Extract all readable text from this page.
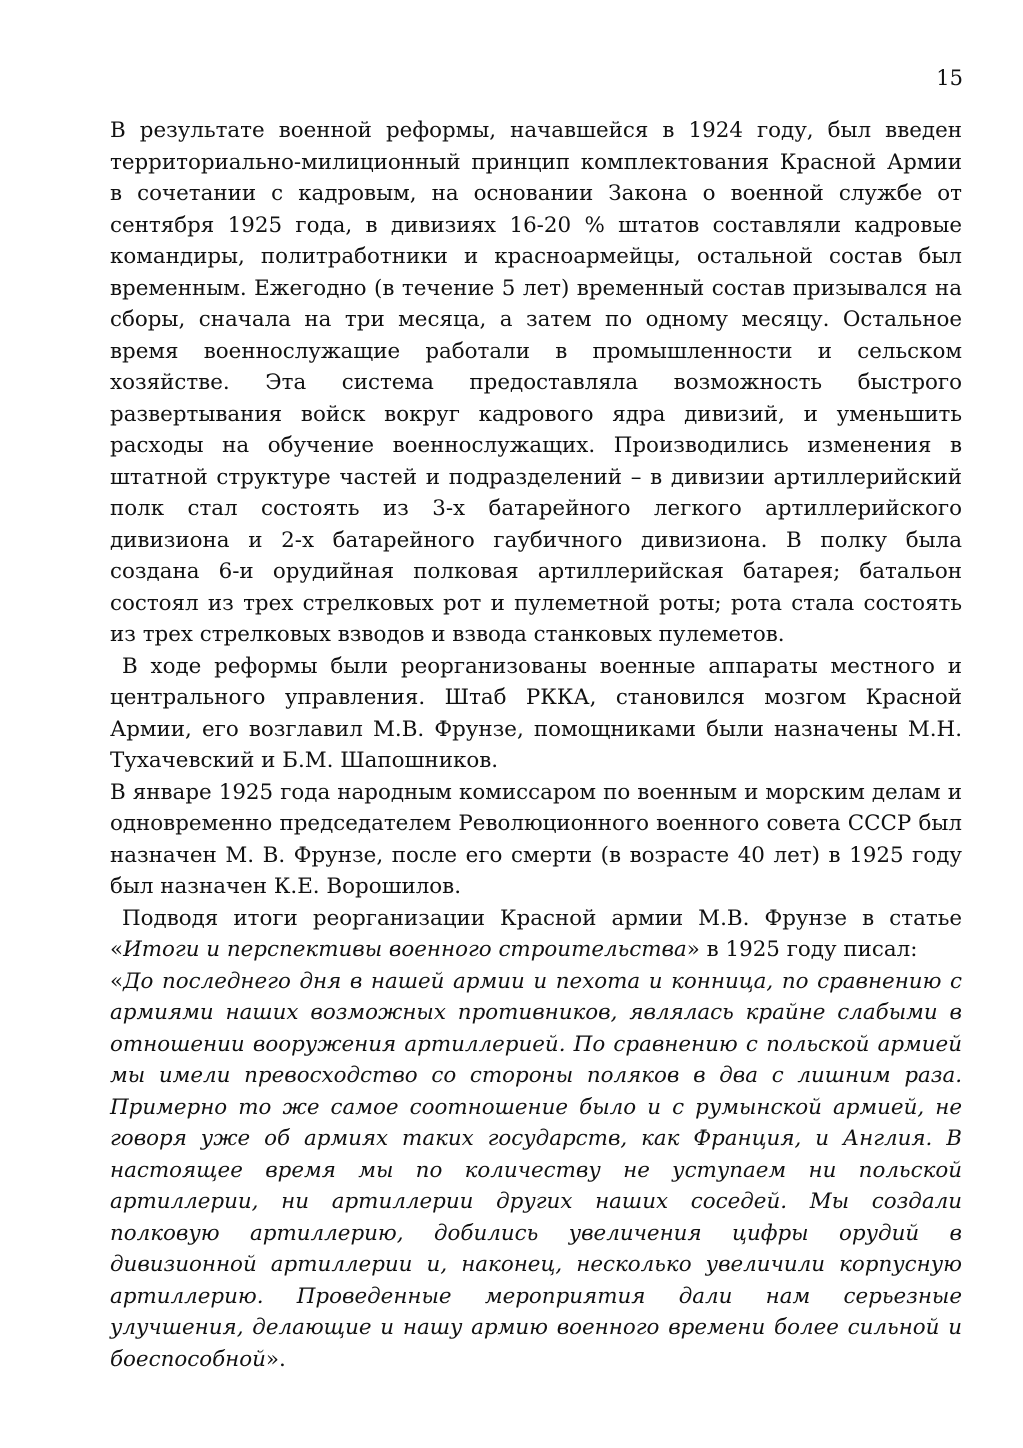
15

В результате военной реформы, начавшейся в 1924 году, был введен территориально-милиционный принцип комплектования Красной Армии в сочетании с кадровым, на основании Закона о военной службе от сентября 1925 года, в дивизиях 16-20 % штатов составляли кадровые командиры, политработники и красноармейцы, остальной состав был временным. Ежегодно (в течение 5 лет) временный состав призывался на сборы, сначала на три месяца, а затем по одному месяцу. Остальное время военнослужащие работали в промышленности и сельском хозяйстве. Эта система предоставляла возможность быстрого развертывания войск вокруг кадрового ядра дивизий, и уменьшить расходы на обучение военнослужащих. Производились изменения в штатной структуре частей и подразделений – в дивизии артиллерийский полк стал состоять из 3-х батарейного легкого артиллерийского дивизиона и 2-х батарейного гаубичного дивизиона. В полку была создана 6-и орудийная полковая артиллерийская батарея; батальон состоял из трех стрелковых рот и пулеметной роты; рота стала состоять из трех стрелковых взводов и взвода станковых пулеметов.

В ходе реформы были реорганизованы военные аппараты местного и центрального управления. Штаб РККА, становился мозгом Красной Армии, его возглавил М.В. Фрунзе, помощниками были назначены М.Н. Тухачевский и Б.М. Шапошников.

В январе 1925 года народным комиссаром по военным и морским делам и одновременно председателем Революционного военного совета СССР был назначен М. В. Фрунзе, после его смерти (в возрасте 40 лет) в 1925 году был назначен К.Е. Ворошилов.

Подводя итоги реорганизации Красной армии М.В. Фрунзе в статье «Итоги и перспективы военного строительства» в 1925 году писал:

«До последнего дня в нашей армии и пехота и конница, по сравнению с армиями наших возможных противников, являлась крайне слабыми в отношении вооружения артиллерией. По сравнению с польской армией мы имели превосходство со стороны поляков в два с лишним раза. Примерно то же самое соотношение было и с румынской армией, не говоря уже об армиях таких государств, как Франция, и Англия. В настоящее время мы по количеству не уступаем ни польской артиллерии, ни артиллерии других наших соседей. Мы создали полковую артиллерию, добились увеличения цифры орудий в дивизионной артиллерии и, наконец, несколько увеличили корпусную артиллерию. Проведенные мероприятия дали нам серьезные улучшения, делающие и нашу армию военного времени более сильной и боеспособной».
